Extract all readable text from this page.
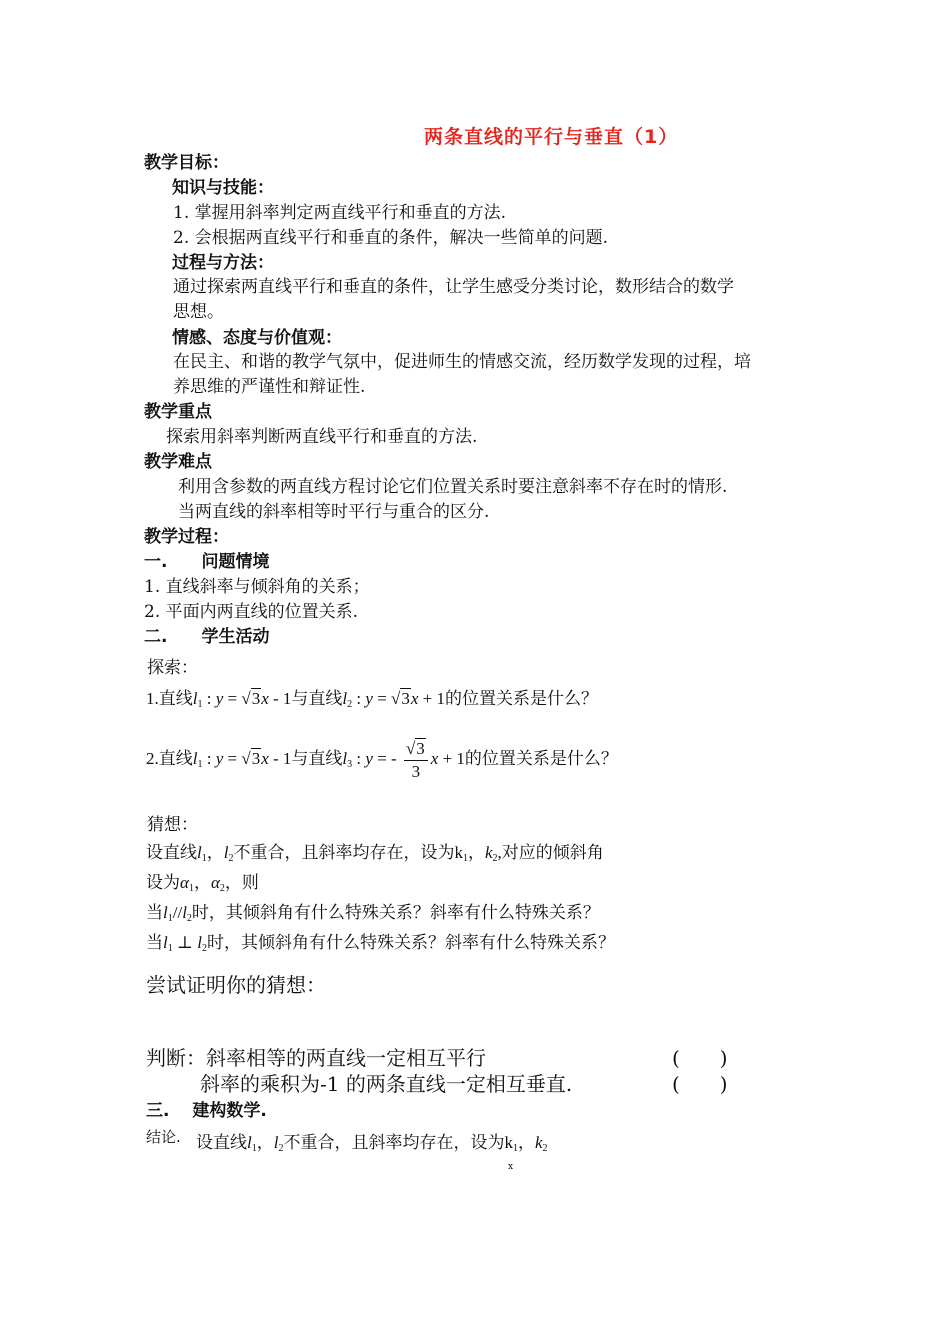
两条直线的平行与垂直（1）
教学目标：
知识与技能：
1. 掌握用斜率判定两直线平行和垂直的方法.
2. 会根据两直线平行和垂直的条件，解决一些简单的问题.
过程与方法：
通过探索两直线平行和垂直的条件，让学生感受分类讨论，数形结合的数学
思想。
情感、态度与价值观：
在民主、和谐的教学气氛中，促进师生的情感交流，经历数学发现的过程，培
养思维的严谨性和辩证性.
教学重点
探索用斜率判断两直线平行和垂直的方法.
教学难点
利用含参数的两直线方程讨论它们位置关系时要注意斜率不存在时的情形.
当两直线的斜率相等时平行与重合的区分.
教学过程：
一.　　问题情境
1. 直线斜率与倾斜角的关系；
2. 平面内两直线的位置关系.
二.　　学生活动
探索：
1.直线$l_1$ : y = √3x - 1与直线$l_2$ : y = √3x + 1的位置关系是什么？
2.直线$l_1$ : y = √3x - 1与直线$l_3$ : y = - $\frac{√3}{3}$ x + 1的位置关系是什么？
猜想：
设直线$l_1$，$l_2$不重合，且斜率均存在，设为$k_1$，$k_2$,对应的倾斜角
设为$\alpha_1$，$\alpha_2$，则
当$l_1//l_2$时，其倾斜角有什么特殊关系？斜率有什么特殊关系？
当$l_1$ ⊥ $l_2$时，其倾斜角有什么特殊关系？斜率有什么特殊关系？
尝试证明你的猜想：
判断：斜率相等的两直线一定相互平行	(　　)
斜率的乘积为-1 的两条直线一定相互垂直.	(　　)
三.　 建构数学.
结论. 设直线$l_1$，$l_2$不重合，且斜率均存在，设为$k_1$，$k_2$
x
